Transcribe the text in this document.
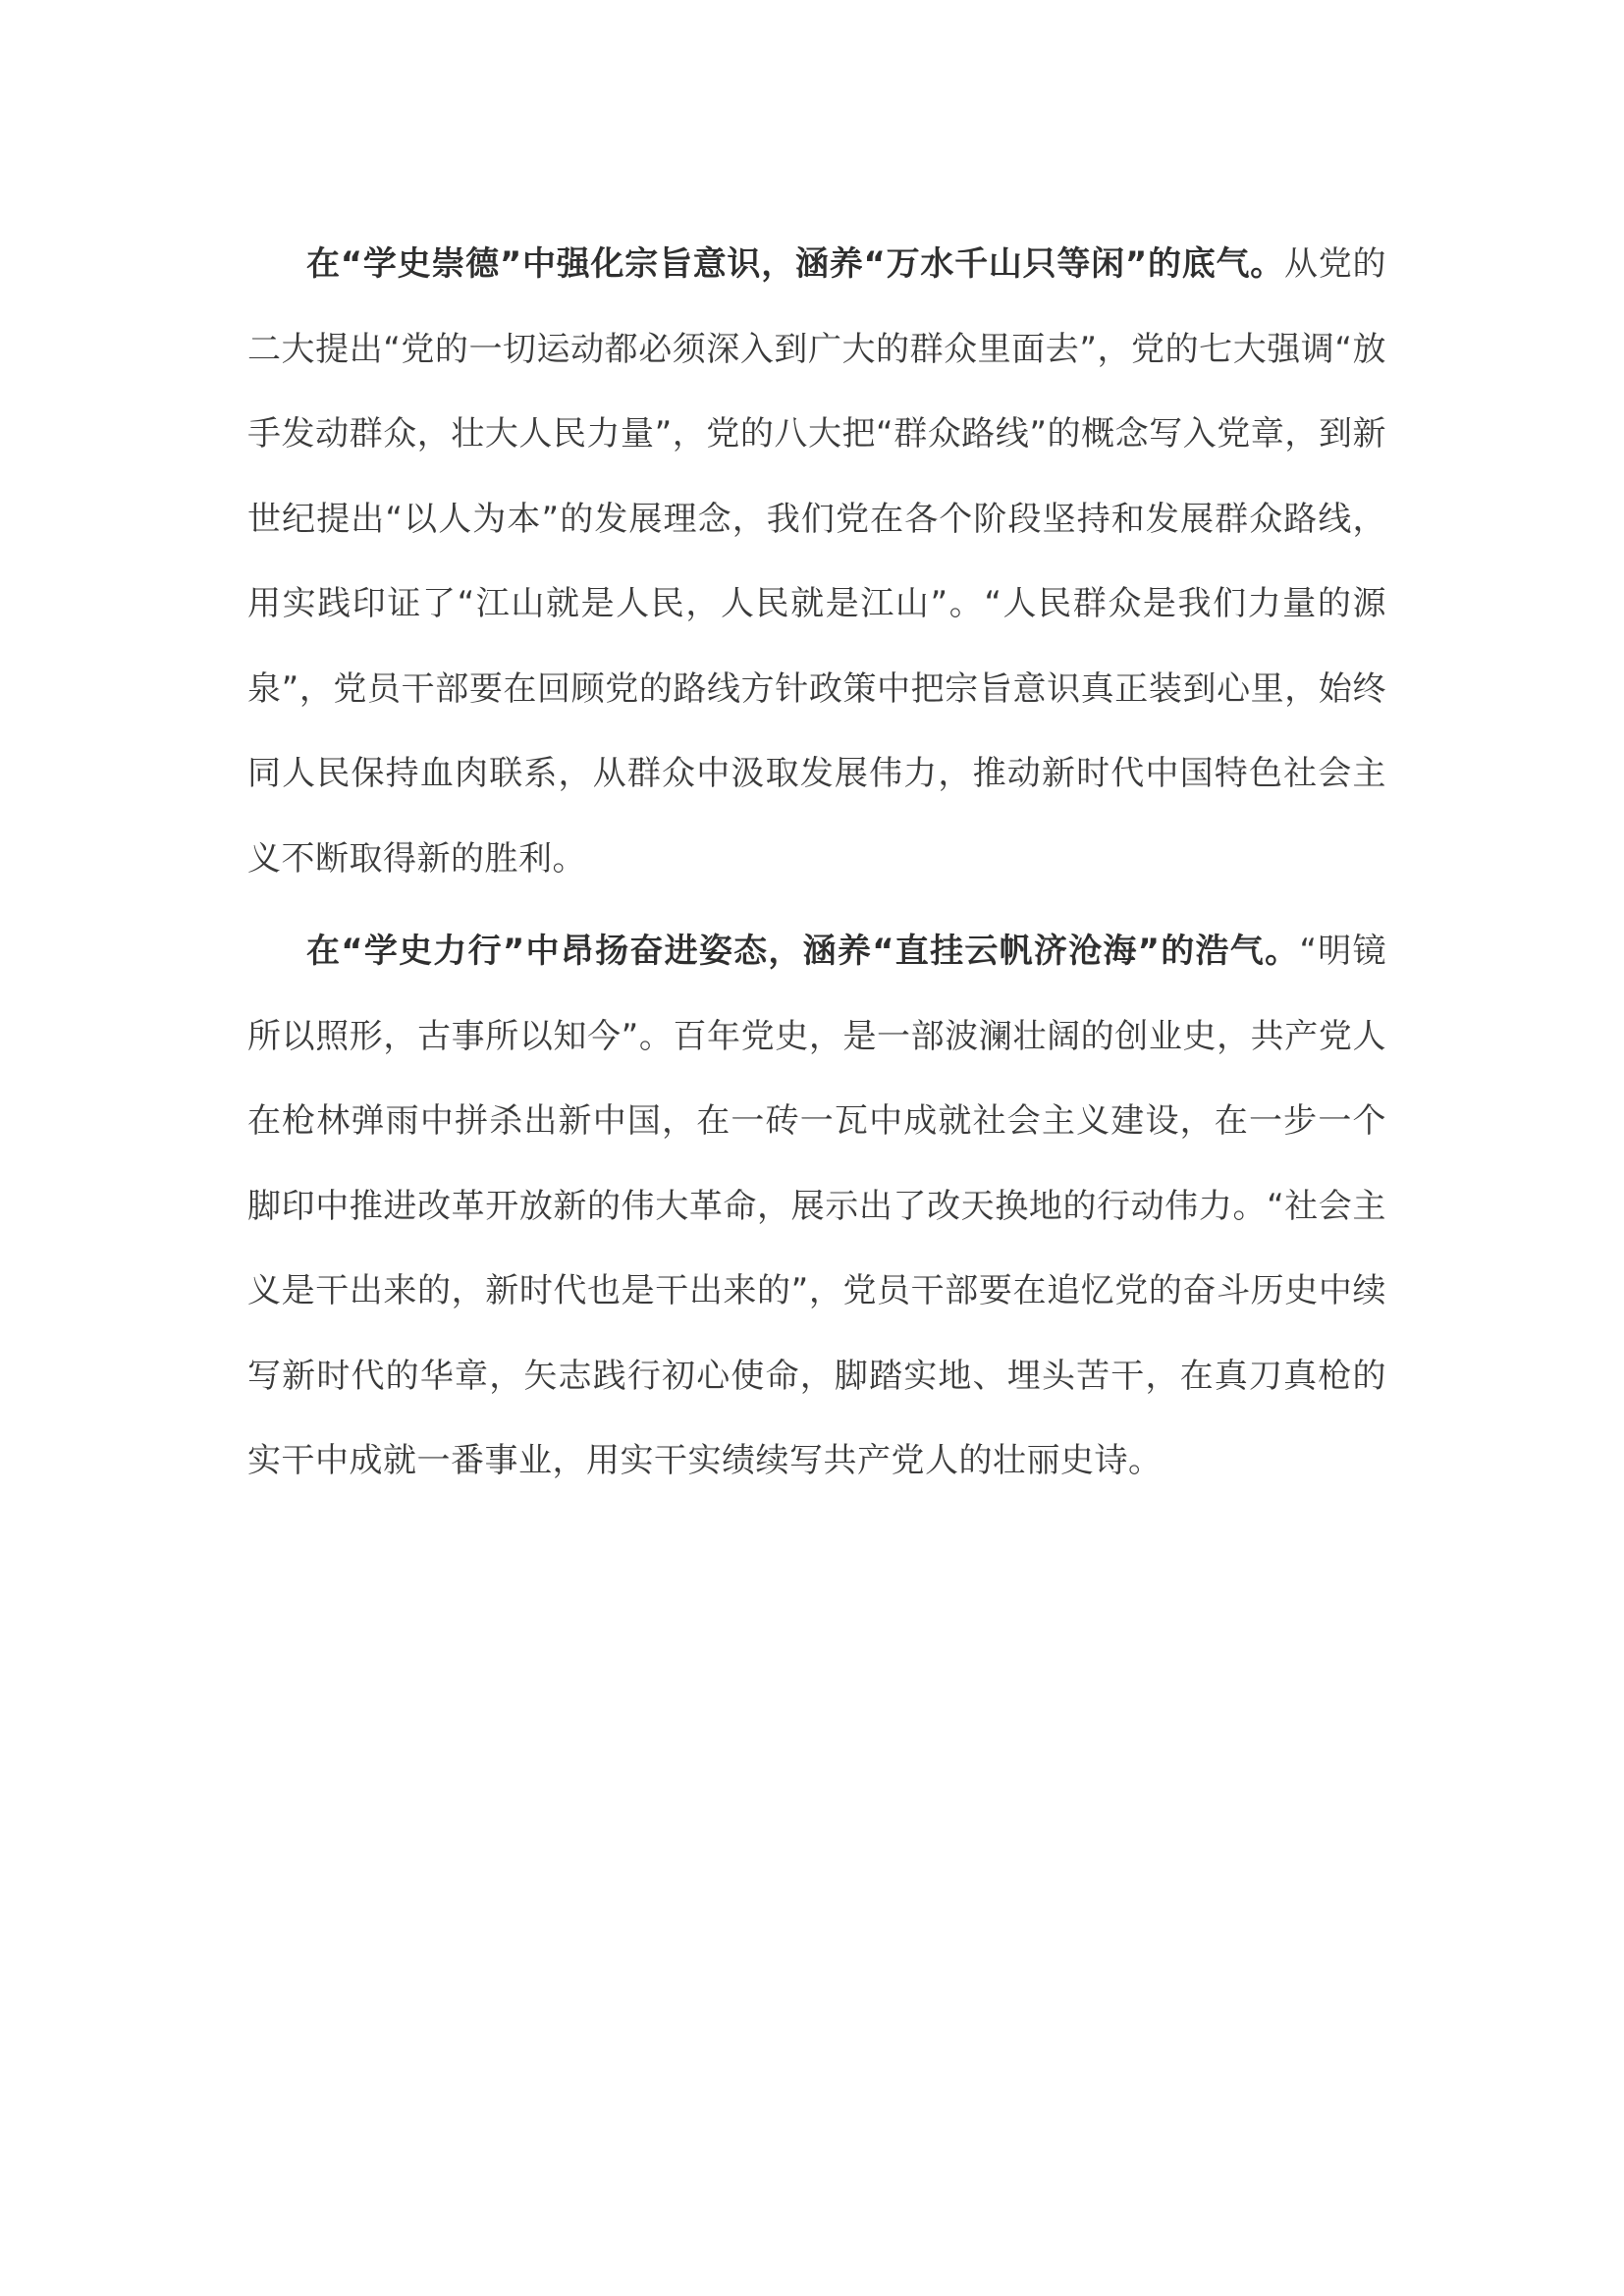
在“学史崇德”中强化宗旨意识，涵养“万水千山只等闲”的底气。从党的二大提出“党的一切运动都必须深入到广大的群众里面去”，党的七大强调“放手发动群众，壮大人民力量”，党的八大把“群众路线”的概念写入党章，到新世纪提出“以人为本”的发展理念，我们党在各个阶段坚持和发展群众路线，用实践印证了“江山就是人民，人民就是江山”。“人民群众是我们力量的源泉”，党员干部要在回顾党的路线方针政策中把宗旨意识真正装到心里，始终同人民保持血肉联系，从群众中汲取发展伟力，推动新时代中国特色社会主义不断取得新的胜利。

在“学史力行”中昂扬奋进姿态，涵养“直挂云帆济沧海”的浩气。“明镜所以照形，古事所以知今”。百年党史，是一部波澜壮阔的创业史，共产党人在枪林弹雨中拼杀出新中国，在一砖一瓦中成就社会主义建设，在一步一个脚印中推进改革开放新的伟大革命，展示出了改天换地的行动伟力。“社会主义是干出来的，新时代也是干出来的”，党员干部要在追忆党的奋斗历史中续写新时代的华章，矢志践行初心使命，脚踏实地、埋头苦干，在真刀真枪的实干中成就一番事业，用实干实绩续写共产党人的壮丽史诗。
